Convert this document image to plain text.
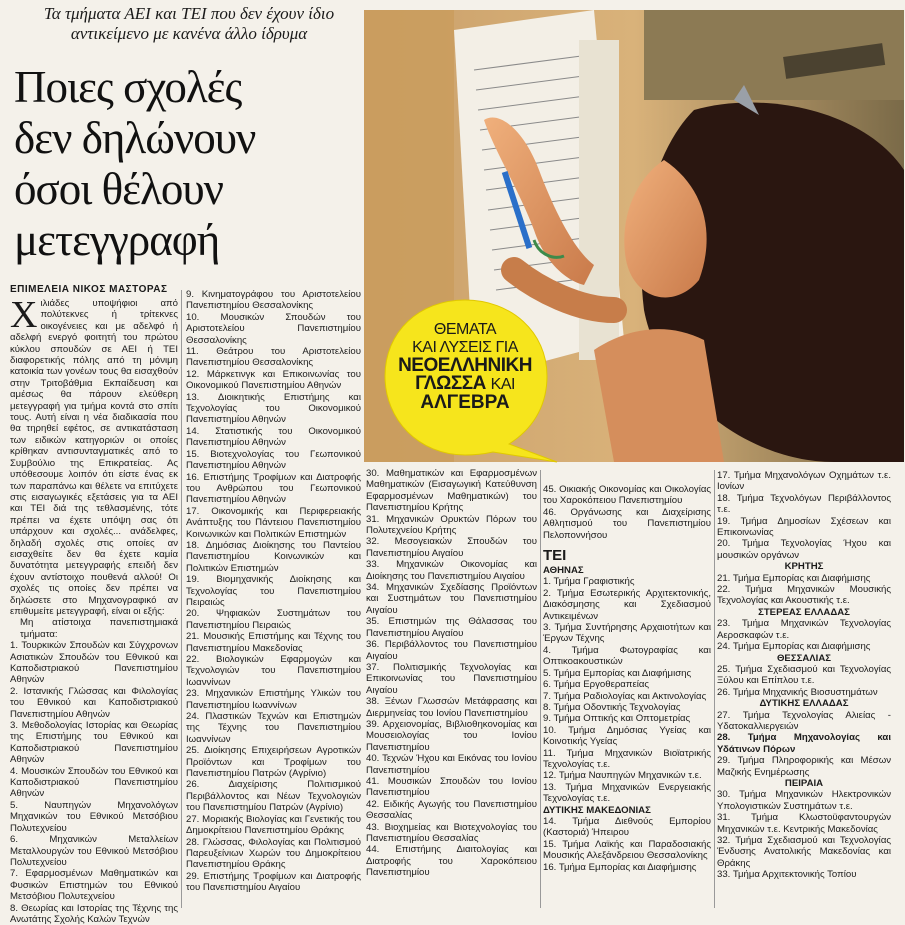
Τα τμήματα ΑΕΙ και ΤΕΙ που δεν έχουν ίδιο αντικείμενο με κανένα άλλο ίδρυμα
Ποιες σχολές
δεν δηλώνουν
όσοι θέλουν
μετεγγραφή
ΕΠΙΜΕΛΕΙΑ ΝΙΚΟΣ ΜΑΣΤΟΡΑΣ
ΘΕΜΑΤΑ
ΚΑΙ ΛΥΣΕΙΣ ΓΙΑ
ΝΕΟΕΛΛΗΝΙΚΗ
ΓΛΩΣΣΑ ΚΑΙ
ΑΛΓΕΒΡΑ

Χιλιάδες υποψήφιοι από πολύτεκνες ή τρίτεκνες οικογένειες και με αδελφό ή αδελφή ενεργό φοιτητή του πρώτου κύκλου σπουδών σε ΑΕΙ ή ΤΕΙ διαφορετικής πόλης από τη μόνιμη κατοικία των γονέων τους θα εισαχθούν στην Τριτοβάθμια Εκπαίδευση και αμέσως θα πάρουν ελεύθερη μετεγγραφή για τμήμα κοντά στο σπίτι τους. Αυτή είναι η νέα διαδικασία που θα τηρηθεί εφέτος, σε αντικατάσταση των ειδικών κατηγοριών οι οποίες κρίθηκαν αντισυνταγματικές από το Συμβούλιο της Επικρατείας. Ας υπόθεσουμε λοιπόν ότι είστε ένας εκ των παραπάνω και θέλετε να επιτύχετε στις εισαγωγικές εξετάσεις για τα ΑΕΙ και ΤΕΙ διά της τεθλασμένης, τότε πρέπει να έχετε υπόψη σας ότι υπάρχουν και σχολές... ανάδελφες, δηλαδή σχολές στις οποίες αν εισαχθείτε δεν θα έχετε καμία δυνατότητα μετεγγραφής επειδή δεν έχουν αντίστοιχο πουθενά αλλού! Οι σχολές τις οποίες δεν πρέπει να δηλώσετε στο Μηχανογραφικό αν επιθυμείτε μετεγγραφή, είναι οι εξής:

Μη ατίστοιχα πανεπιστημιακά τμήματα:
1. Τουρκικών Σπουδών και Σύγχρονων Ασιατικών Σπουδών του Εθνικού και Καποδιστριακού Πανεπιστημίου Αθηνών
2. Ιστανικής Γλώσσας και Φιλολογίας του Εθνικού και Καποδιστριακού Πανεπιστημίου Αθηνών
3. Μεθοδολογίας Ιστορίας και Θεωρίας της Επιστήμης του Εθνικού και Καποδιστριακού Πανεπιστημίου Αθηνών
4. Μουσικών Σπουδών του Εθνικού και Καποδιστριακού Πανεπιστημίου Αθηνών
5. Ναυπηγών Μηχανολόγων Μηχανικών του Εθνικού Μετσόβιου Πολυτεχνείου
6. Μηχανικών Μεταλλείων Μεταλλουργών του Εθνικού Μετσόβιου Πολυτεχνείου
7. Εφαρμοσμένων Μαθηματικών και Φυσικών Επιστημών του Εθνικού Μετσόβιου Πολυτεχνείου
8. Θεωρίας και Ιστορίας της Τέχνης της Ανωτάτης Σχολής Καλών Τεχνών
9. Κινηματογράφου του Αριστοτελείου Πανεπιστημίου Θεσσαλονίκης
10. Μουσικών Σπουδών του Αριστοτελείου Πανεπιστημίου Θεσσαλονίκης
11. Θεάτρου του Αριστοτελείου Πανεπιστημίου Θεσσαλονίκης
12. Μάρκετινγκ και Επικοινωνίας του Οικονομικού Πανεπιστημίου Αθηνών
13. Διοικητικής Επιστήμης και Τεχνολογίας του Οικονομικού Πανεπιστημίου Αθηνών
14. Στατιστικής του Οικονομικού Πανεπιστημίου Αθηνών
15. Βιοτεχνολογίας του Γεωπονικού Πανεπιστημίου Αθηνών
16. Επιστήμης Τροφίμων και Διατροφής του Ανθρώπου του Γεωπονικού Πανεπιστημίου Αθηνών
17. Οικονομικής και Περιφερειακής Ανάπτυξης του Πάντειου Πανεπιστημίου Κοινωνικών και Πολιτικών Επιστημών
18. Δημόσιας Διοίκησης του Παντείου Πανεπιστημίου Κοινωνικών και Πολιτικών Επιστημών
19. Βιομηχανικής Διοίκησης και Τεχνολογίας του Πανεπιστημίου Πειραιώς
20. Ψηφιακών Συστημάτων του Πανεπιστημίου Πειραιώς
21. Μουσικής Επιστήμης και Τέχνης του Πανεπιστημίου Μακεδονίας
22. Βιολογικών Εφαρμογών και Τεχνολογιών του Πανεπιστημίου Ιωαννίνων
23. Μηχανικών Επιστήμης Υλικών του Πανεπιστημίου Ιωαννίνων
24. Πλαστικών Τεχνών και Επιστημών της Τέχνης του Πανεπιστημίου Ιωαννίνων
25. Διοίκησης Επιχειρήσεων Αγροτικών Προϊόντων και Τροφίμων του Πανεπιστημίου Πατρών (Αγρίνιο)
26. Διαχείρισης Πολιτισμικού Περιβάλλοντος και Νέων Τεχνολογιών του Πανεπιστημίου Πατρών (Αγρίνιο)
27. Μοριακής Βιολογίας και Γενετικής του Δημοκρίτειου Πανεπιστημίου Θράκης
28. Γλώσσας, Φιλολογίας και Πολιτισμού Παρευξείνιων Χωρών του Δημοκρίτειου Πανεπιστημίου Θράκης
29. Επιστήμης Τροφίμων και Διατροφής του Πανεπιστημίου Αιγαίου
30. Μαθηματικών και Εφαρμοσμένων Μαθηματικών (Εισαγωγική Κατεύθυνση Εφαρμοσμένων Μαθηματικών) του Πανεπιστημίου Κρήτης
31. Μηχανικών Ορυκτών Πόρων του Πολυτεχνείου Κρήτης
32. Μεσογειακών Σπουδών του Πανεπιστημίου Αιγαίου
33. Μηχανικών Οικονομίας και Διοίκησης του Πανεπιστημίου Αιγαίου
34. Μηχανικών Σχεδίασης Προϊόντων και Συστημάτων του Πανεπιστημίου Αιγαίου
35. Επιστημών της Θάλασσας του Πανεπιστημίου Αιγαίου
36. Περιβάλλοντος του Πανεπιστημίου Αιγαίου
37. Πολιτισμικής Τεχνολογίας και Επικοινωνίας του Πανεπιστημίου Αιγαίου
38. Ξένων Γλωσσών Μετάφρασης και Διερμηνείας του Ιονίου Πανεπιστημίου
39. Αρχειονομίας, Βιβλιοθηκονομίας και Μουσειολογίας του Ιονίου Πανεπιστημίου
40. Τεχνών Ήχου και Εικόνας του Ιονίου Πανεπιστημίου
41. Μουσικών Σπουδών του Ιονίου Πανεπιστημίου
42. Ειδικής Αγωγής του Πανεπιστημίου Θεσσαλίας
43. Βιοχημείας και Βιοτεχνολογίας του Πανεπιστημίου Θεσσαλίας
44. Επιστήμης Διαιτολογίας και Διατροφής του Χαροκόπειου Πανεπιστημίου
45. Οικιακής Οικονομίας και Οικολογίας του Χαροκόπειου Πανεπιστημίου
46. Οργάνωσης και Διαχείρισης Αθλητισμού του Πανεπιστημίου Πελοποννήσου
ΤΕΙ
ΑΘΗΝΑΣ
1. Τμήμα Γραφιστικής
2. Τμήμα Εσωτερικής Αρχιτεκτονικής, Διακόσμησης και Σχεδιασμού Αντικειμένων
3. Τμήμα Συντήρησης Αρχαιοτήτων και Έργων Τέχνης
4. Τμήμα Φωτογραφίας και Οπτικοακουστικών
5. Τμήμα Εμπορίας και Διαφήμισης
6. Τμήμα Εργοθεραπείας
7. Τμήμα Ραδιολογίας και Ακτινολογίας
8. Τμήμα Οδοντικής Τεχνολογίας
9. Τμήμα Οπτικής και Οπτομετρίας
10. Τμήμα Δημόσιας Υγείας και Κοινοτικής Υγείας
11. Τμήμα Μηχανικών Βιοϊατρικής Τεχνολογίας τ.ε.
12. Τμήμα Ναυπηγών Μηχανικών τ.ε.
13. Τμήμα Μηχανικών Ενεργειακής Τεχνολογίας τ.ε.
ΔΥΤΙΚΗΣ ΜΑΚΕΔΟΝΙΑΣ
14. Τμήμα Διεθνούς Εμπορίου (Καστοριά) Ήπειρου
15. Τμήμα Λαϊκής και Παραδοσιακής Μουσικής Αλεξάνδρειου Θεσσαλονίκης
16. Τμήμα Εμπορίας και Διαφήμισης
17. Τμήμα Μηχανολόγων Οχημάτων τ.ε. Ιονίων
18. Τμήμα Τεχνολόγων Περιβάλλοντος τ.ε.
19. Τμήμα Δημοσίων Σχέσεων και Επικοινωνίας
20. Τμήμα Τεχνολογίας Ήχου και μουσικών οργάνων
ΚΡΗΤΗΣ
21. Τμήμα Εμπορίας και Διαφήμισης
22. Τμήμα Μηχανικών Μουσικής Τεχνολογίας και Ακουστικής τ.ε.
ΣΤΕΡΕΑΣ ΕΛΛΑΔΑΣ
23. Τμήμα Μηχανικών Τεχνολογίας Αεροσκαφών τ.ε.
24. Τμήμα Εμπορίας και Διαφήμισης
ΘΕΣΣΑΛΙΑΣ
25. Τμήμα Σχεδιασμού και Τεχνολογίας Ξύλου και Επίπλου τ.ε.
26. Τμήμα Μηχανικής Βιοσυστημάτων
ΔΥΤΙΚΗΣ ΕΛΛΑΔΑΣ
27. Τμήμα Τεχνολογίας Αλιείας - Υδατοκαλλιεργειών
28. Τμήμα Μηχανολογίας και Υδάτινων Πόρων
29. Τμήμα Πληροφορικής και Μέσων Μαζικής Ενημέρωσης
ΠΕΙΡΑΙΑ
30. Τμήμα Μηχανικών Ηλεκτρονικών Υπολογιστικών Συστημάτων τ.ε.
31. Τμήμα Κλωστοϋφαντουργών Μηχανικών τ.ε. Κεντρικής Μακεδονίας
32. Τμήμα Σχεδιασμού και Τεχνολογίας Ένδυσης Ανατολικής Μακεδονίας και Θράκης
33. Τμήμα Αρχιτεκτονικής Τοπίου
